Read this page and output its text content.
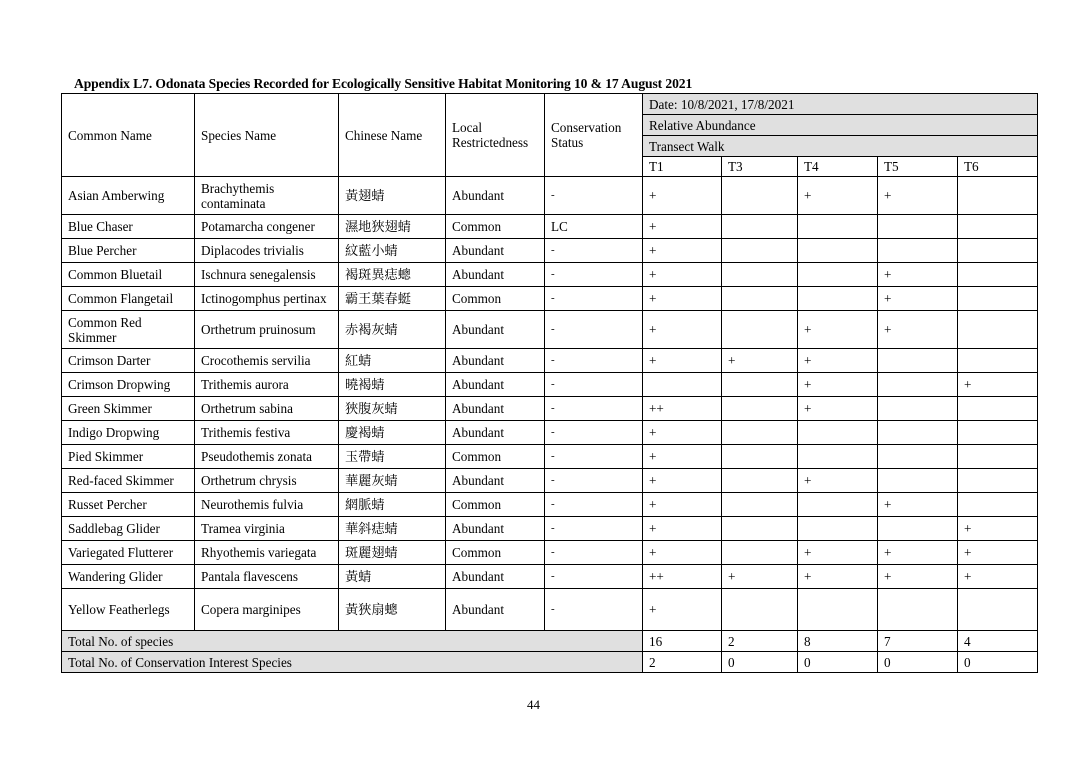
Appendix L7. Odonata Species Recorded for Ecologically Sensitive Habitat Monitoring 10 & 17 August 2021
Common Name	Species Name	Chinese Name	Local Restrictedness	Conservation Status	Date: 10/8/2021, 17/8/2021				
					Relative Abundance				
					Transect Walk				
					T1	T3	T4	T5	T6
Asian Amberwing	Brachythemis contaminata	黃翅蜻	Abundant	-	+		+	+	
Blue Chaser	Potamarcha congener	濕地狹翅蜻	Common	LC	+				
Blue Percher	Diplacodes trivialis	紋藍小蜻	Abundant	-	+				
Common Bluetail	Ischnura senegalensis	褐斑異痣蟌	Abundant	-	+			+	
Common Flangetail	Ictinogomphus pertinax	霸王葉春蜓	Common	-	+			+	
Common Red Skimmer	Orthetrum pruinosum	赤褐灰蜻	Abundant	-	+		+	+	
Crimson Darter	Crocothemis servilia	紅蜻	Abundant	-	+	+	+		
Crimson Dropwing	Trithemis aurora	曉褐蜻	Abundant	-			+		+
Green Skimmer	Orthetrum sabina	狹腹灰蜻	Abundant	-	++		+		
Indigo Dropwing	Trithemis festiva	慶褐蜻	Abundant	-	+				
Pied Skimmer	Pseudothemis zonata	玉帶蜻	Common	-	+				
Red-faced Skimmer	Orthetrum chrysis	華麗灰蜻	Abundant	-	+		+		
Russet Percher	Neurothemis fulvia	網脈蜻	Common	-	+			+	
Saddlebag Glider	Tramea virginia	華斜痣蜻	Abundant	-	+				+
Variegated Flutterer	Rhyothemis variegata	斑麗翅蜻	Common	-	+		+	+	+
Wandering Glider	Pantala flavescens	黃蜻	Abundant	-	++	+	+	+	+
Yellow Featherlegs	Copera marginipes	黃狹扇蟌	Abundant	-	+				
Total No. of species					16	2	8	7	4
Total No. of Conservation Interest Species					2	0	0	0	0
44
